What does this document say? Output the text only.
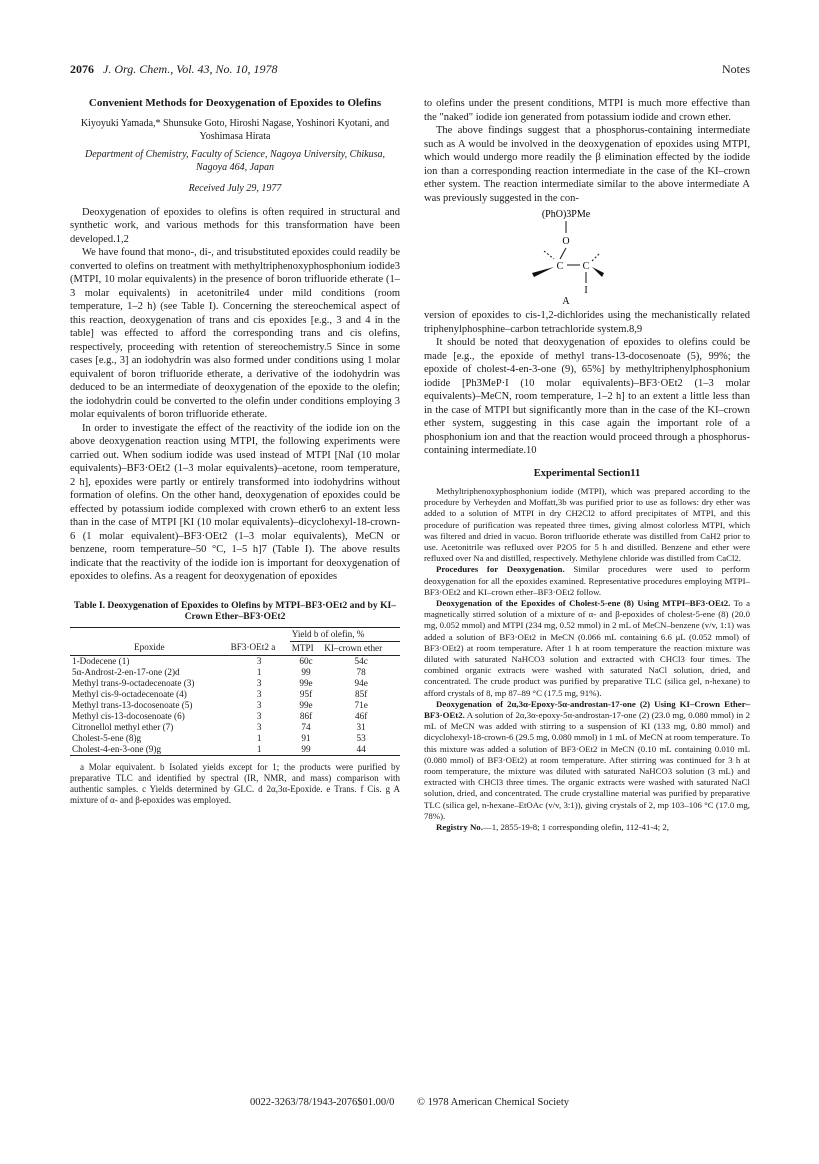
2076 J. Org. Chem., Vol. 43, No. 10, 1978	Notes
Convenient Methods for Deoxygenation of Epoxides to Olefins
Kiyoyuki Yamada,* Shunsuke Goto, Hiroshi Nagase, Yoshinori Kyotani, and Yoshimasa Hirata
Department of Chemistry, Faculty of Science, Nagoya University, Chikusa, Nagoya 464, Japan
Received July 29, 1977

Deoxygenation of epoxides to olefins is often required in structural and synthetic work, and various methods for this transformation have been developed.1,2

We have found that mono-, di-, and trisubstituted epoxides could readily be converted to olefins on treatment with methyltriphenoxyphosphonium iodide3 (MTPI, 10 molar equivalents) in the presence of boron trifluoride etherate (1–3 molar equivalents) in acetonitrile4 under mild conditions (room temperature, 1–2 h) (see Table I). Concerning the stereochemical aspect of this reaction, deoxygenation of trans and cis epoxides [e.g., 3 and 4 in the table] was effected to afford the corresponding trans and cis olefins, respectively, proceeding with retention of stereochemistry.5 Since in some cases [e.g., 3] an iodohydrin was also formed under conditions using 1 molar equivalent of boron trifluoride etherate, a derivative of the iodohydrin was deduced to be an intermediate of deoxygenation of the epoxide to the olefin; the iodohydrin could be converted to the olefin under conditions employing 3 molar equivalents of boron trifluoride etherate.

In order to investigate the effect of the reactivity of the iodide ion on the above deoxygenation reaction using MTPI, the following experiments were carried out. When sodium iodide was used instead of MTPI [NaI (10 molar equivalents)–BF3·OEt2 (1–3 molar equivalents)–acetone, room temperature, 2 h], epoxides were partly or entirely transformed into iodohydrins without formation of olefins. On the other hand, deoxygenation of epoxides could be effected by potassium iodide complexed with crown ether6 to an extent less than in the case of MTPI [KI (10 molar equivalents)–dicyclohexyl-18-crown-6 (1 molar equivalent)–BF3·OEt2 (1–3 molar equivalents), MeCN or benzene, room temperature–50 °C, 1–5 h]7 (Table I). The above results indicate that the reactivity of the iodide ion is important for deoxygenation of epoxides to olefins. As a reagent for deoxygenation of epoxides

Table I. Deoxygenation of Epoxides to Olefins by MTPI–BF3·OEt2 and by KI–Crown Ether–BF3·OEt2
		Yield b of olefin, %	
Epoxide	BF3·OEt2 a	MTPI	KI–crown ether
1-Dodecene (1)	3	60c	54c
5α-Androst-2-en-17-one (2)d	1	99	78
Methyl trans-9-octadecenoate (3)	3	99e	94e
Methyl cis-9-octadecenoate (4)	3	95f	85f
Methyl trans-13-docosenoate (5)	3	99e	71e
Methyl cis-13-docosenoate (6)	3	86f	46f
Citronellol methyl ether (7)	3	74	31
Cholest-5-ene (8)g	1	91	53
Cholest-4-en-3-one (9)g	1	99	44
a Molar equivalent. b Isolated yields except for 1; the products were purified by preparative TLC and identified by spectral (IR, NMR, and mass) comparison with authentic samples. c Yields determined by GLC. d 2α,3α-Epoxide. e Trans. f Cis. g A mixture of α- and β-epoxides was employed.

to olefins under the present conditions, MTPI is much more effective than the "naked" iodide ion generated from potassium iodide and crown ether.

The above findings suggest that a phosphorus-containing intermediate such as A would be involved in the deoxygenation of epoxides using MTPI, which would undergo more readily the β elimination effected by the iodide ion than a corresponding reaction intermediate in the case of the KI–crown ether system. The reaction intermediate similar to the above intermediate A was previously suggested in the con-

(PhO)3PMe
O
C C
I
A

version of epoxides to cis-1,2-dichlorides using the mechanistically related triphenylphosphine–carbon tetrachloride system.8,9

It should be noted that deoxygenation of epoxides to olefins could be made [e.g., the epoxide of methyl trans-13-docosenoate (5), 99%; the epoxide of cholest-4-en-3-one (9), 65%] by methyltriphenylphosphonium iodide [Ph3MeP·I (10 molar equivalents)–BF3·OEt2 (1–3 molar equivalents)–MeCN, room temperature, 1–2 h] to an extent a little less than in the case of MTPI but significantly more than in the case of the KI–crown ether system, suggesting in this case again the important role of a phosphonium ion and that the reaction would proceed through a phosphorus-containing intermediate.10

Experimental Section11

Methyltriphenoxyphosphonium iodide (MTPI), which was prepared according to the procedure by Verheyden and Moffatt,3b was purified prior to use as follows: dry ether was added to a solution of MTPI in dry CH2Cl2 to afford precipitates of MTPI, and this procedure of purification was repeated three times, giving almost colorless MTPI, which was filtered and dried in vacuo. Boron trifluoride etherate was distilled from CaH2 prior to use. Acetonitrile was refluxed over P2O5 for 5 h and distilled. Benzene and ether were refluxed over Na and distilled, respectively. Methylene chloride was distilled from CaCl2.

Procedures for Deoxygenation. Similar procedures were used to perform deoxygenation for all the epoxides examined. Representative procedures employing MTPI–BF3·OEt2 and KI–crown ether–BF3·OEt2 follow.

Deoxygenation of the Epoxides of Cholest-5-ene (8) Using MTPI–BF3·OEt2. To a magnetically stirred solution of a mixture of α- and β-epoxides of cholest-5-ene (8) (20.0 mg, 0.052 mmol) and MTPI (234 mg, 0.52 mmol) in 2 mL of MeCN–benzene (v/v, 1:1) was added a solution of BF3·OEt2 in MeCN (0.066 mL containing 6.6 μL (0.052 mmol) of BF3·OEt2) at room temperature. After 1 h at room temperature the reaction mixture was diluted with saturated NaHCO3 solution and extracted with CHCl3 four times. The combined organic extracts were washed with saturated NaCl solution, dried, and concentrated. The crude product was purified by preparative TLC (silica gel, n-hexane) to afford crystals of 8, mp 87–89 °C (17.5 mg, 91%).

Deoxygenation of 2α,3α-Epoxy-5α-androstan-17-one (2) Using KI–Crown Ether–BF3·OEt2. A solution of 2α,3α-epoxy-5α-androstan-17-one (2) (23.0 mg, 0.080 mmol) in 2 mL of MeCN was added with stirring to a suspension of KI (133 mg, 0.80 mmol) and dicyclohexyl-18-crown-6 (29.5 mg, 0.080 mmol) in 1 mL of MeCN at room temperature. To this mixture was added a solution of BF3·OEt2 in MeCN (0.10 mL containing 0.010 mL (0.080 mmol) of BF3·OEt2) at room temperature. After stirring was continued for 3 h at room temperature, the mixture was diluted with saturated NaHCO3 solution (3 mL) and extracted with CHCl3 three times. The organic extracts were washed with saturated NaCl solution, dried, and concentrated. The crude crystalline material was purified by preparative TLC (silica gel, n-hexane–EtOAc (v/v, 3:1)), giving crystals of 2, mp 103–106 °C (17.0 mg, 78%).

Registry No.—1, 2855-19-8; 1 corresponding olefin, 112-41-4; 2,

0022-3263/78/1943-2076$01.00/0 © 1978 American Chemical Society
